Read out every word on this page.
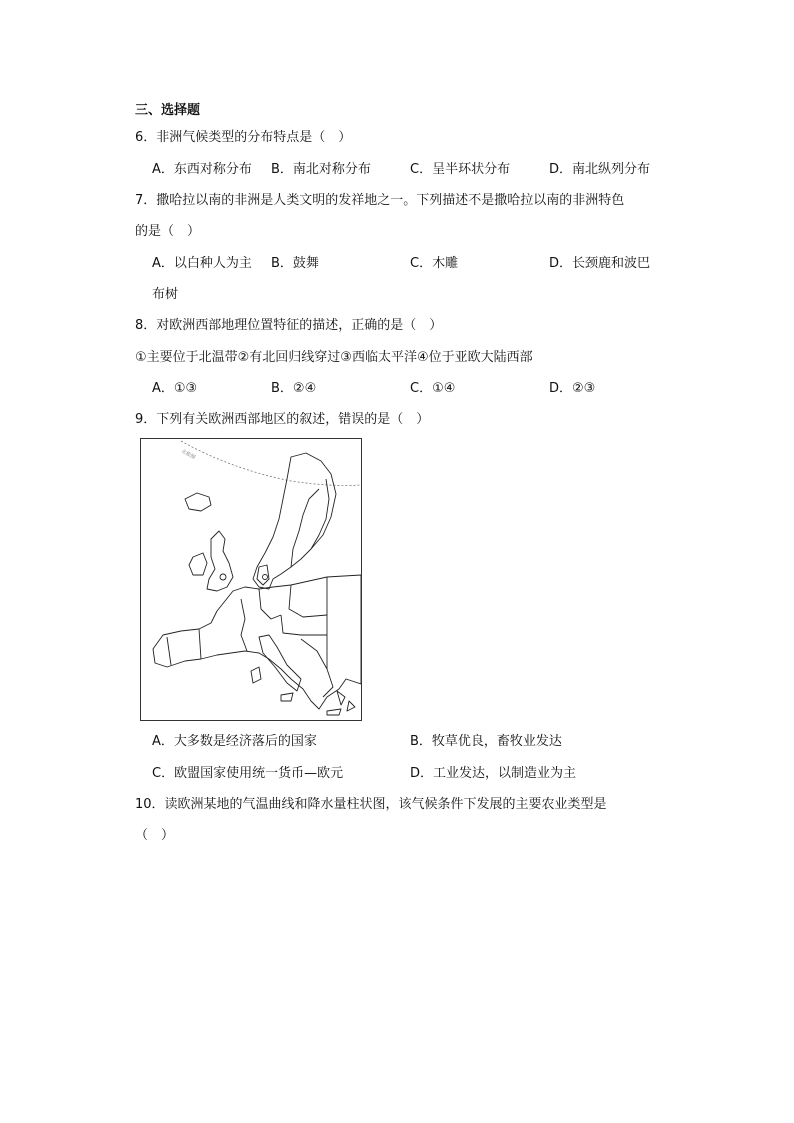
三、选择题
6．非洲气候类型的分布特点是（　）
A．东西对称分布 B．南北对称分布	C．呈半环状分布	D．南北纵列分布
7．撒哈拉以南的非洲是人类文明的发祥地之一。下列描述不是撒哈拉以南的非洲特色
的是（　）
A．以白种人为主 B．鼓舞	C．木雕	D．长颈鹿和波巴
布树
8．对欧洲西部地理位置特征的描述，正确的是（　）
①主要位于北温带②有北回归线穿过③西临太平洋④位于亚欧大陆西部
A．①③	B．②④	C．①④	D．②③
9．下列有关欧洲西部地区的叙述，错误的是（　）
北极圈
A．大多数是经济落后的国家	B．牧草优良，畜牧业发达
C．欧盟国家使用统一货币—欧元	D．工业发达，以制造业为主
10．读欧洲某地的气温曲线和降水量柱状图，该气候条件下发展的主要农业类型是
（　）
